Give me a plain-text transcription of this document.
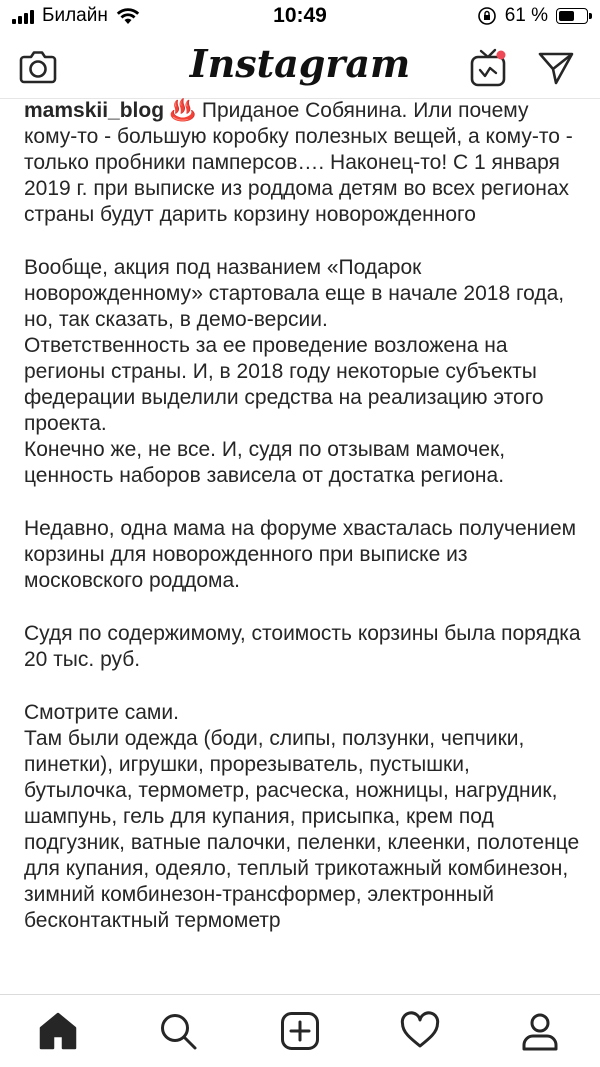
Билайн	10:49	61 %
Instagram

mamskii_blog ♨️ Приданое Собянина. Или почему кому-то - большую коробку полезных вещей, а кому-то - только пробники памперсов…. Наконец-то! С 1 января 2019 г. при выписке из роддома детям во всех регионах страны будут дарить корзину новорожденного

Вообще, акция под названием «Подарок новорожденному» стартовала еще в начале 2018 года, но, так сказать, в демо-версии.

Ответственность за ее проведение возложена на регионы страны. И, в 2018 году некоторые субъекты федерации выделили средства на реализацию этого проекта.

Конечно же, не все. И, судя по отзывам мамочек, ценность наборов зависела от достатка региона.

Недавно, одна мама на форуме хвасталась получением корзины для новорожденного при выписке из московского роддома.

Судя по содержимому, стоимость корзины была порядка 20 тыс. руб.

Смотрите сами.

Там были одежда (боди, слипы, ползунки, чепчики, пинетки), игрушки, прорезыватель, пустышки, бутылочка, термометр, расческа, ножницы, нагрудник, шампунь, гель для купания, присыпка, крем под подгузник, ватные палочки, пеленки, клеенки, полотенце для купания, одеяло, теплый трикотажный комбинезон, зимний комбинезон-трансформер, электронный бесконтактный термометр
